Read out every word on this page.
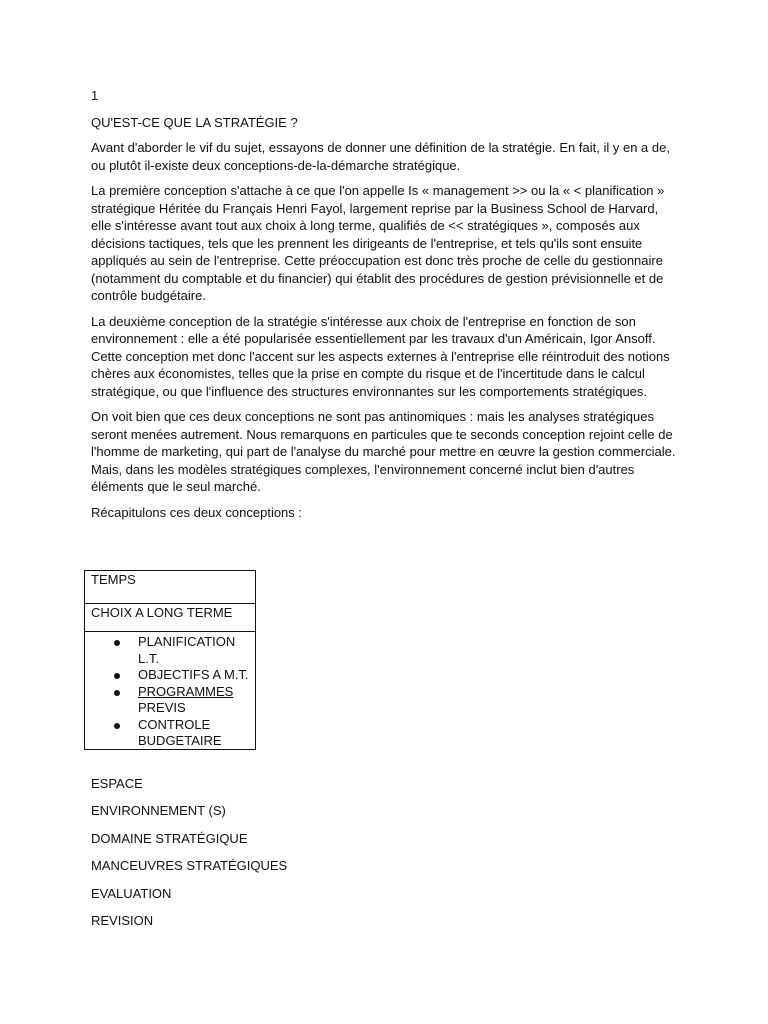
1

QU'EST-CE QUE LA STRATÉGIE ?

Avant d'aborder le vif du sujet, essayons de donner une définition de la stratégie. En fait, il y en a de, ou plutôt il-existe deux conceptions-de-la-démarche stratégique.

La première conception s'attache à ce que l'on appelle Is « management >> ou la « < planification » stratégique Héritée du Français Henri Fayol, largement reprise par la Business School de Harvard, elle s'intéresse avant tout aux choix à long terme, qualifiés de << stratégiques », composés aux décisions tactiques, tels que les prennent les dirigeants de l'entreprise, et tels qu'ils sont ensuite appliqués au sein de l'entreprise. Cette préoccupation est donc très proche de celle du gestionnaire (notamment du comptable et du financier) qui établit des procédures de gestion prévisionnelle et de contrôle budgétaire.

La deuxième conception de la stratégie s'intéresse aux choix de l'entreprise en fonction de son environnement : elle a été popularisée essentiellement par les travaux d'un Américain, Igor Ansoff. Cette conception met donc l'accent sur les aspects externes à l'entreprise elle réintroduit des notions chères aux économistes, telles que la prise en compte du risque et de l'incertitude dans le calcul stratégique, ou que l'influence des structures environnantes sur les comportements stratégiques.

On voit bien que ces deux conceptions ne sont pas antinomiques : mais les analyses stratégiques seront menées autrement. Nous remarquons en particules que te seconds conception rejoint celle de l'homme de marketing, qui part de l'analyse du marché pour mettre en œuvre la gestion commerciale. Mais, dans les modèles stratégiques complexes, l'environnement concerné inclut bien d'autres éléments que le seul marché.

Récapitulons ces deux conceptions :

TEMPS
CHOIX A LONG TERME
PLANIFICATION L.T.
OBJECTIFS A M.T.
PROGRAMMES
PREVIS
CONTROLE
BUDGETAIRE
ESPACE
ENVIRONNEMENT (S)
DOMAINE STRATÉGIQUE
MANCEUVRES STRATÉGIQUES
EVALUATION
REVISION
